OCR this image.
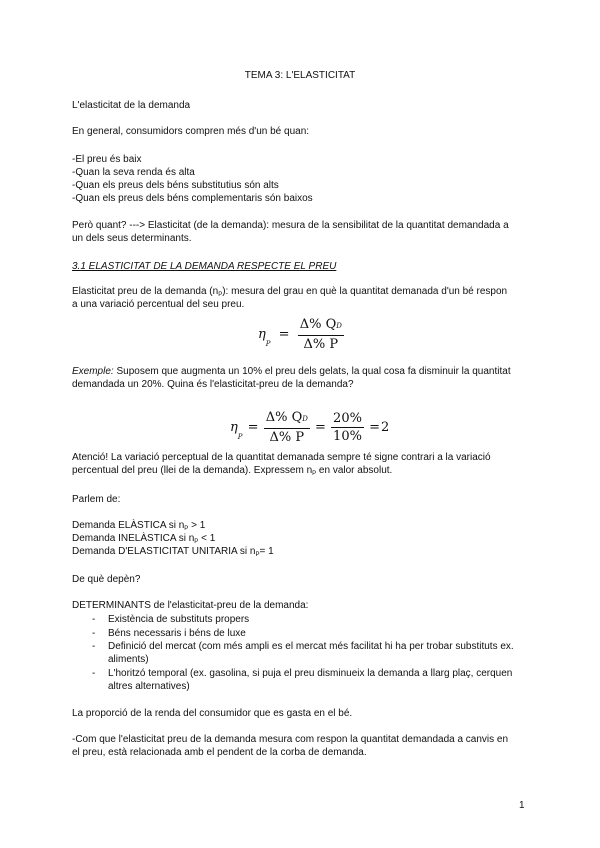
TEMA 3: L'ELASTICITAT
L'elasticitat de la demanda
En general, consumidors compren més d'un bé quan:
-El preu és baix
-Quan la seva renda és alta
-Quan els preus dels béns substitutius són alts
-Quan els preus dels béns complementaris són baixos
Però quant? ---> Elasticitat (de la demanda): mesura de la sensibilitat de la quantitat demandada a
un dels seus determinants.
3.1 ELASTICITAT DE LA DEMANDA RESPECTE EL PREU
Elasticitat preu de la demanda $(n_P)$: mesura del grau en què la quantitat demanada d'un bé respon
a una variació percentual del seu preu.
$\eta_P = \frac{\Delta\% QD}{\Delta\% P}$
Exemple: Suposem que augmenta un 10% el preu dels gelats, la qual cosa fa disminuir la quantitat
demandada un 20%. Quina és l'elasticitat-preu de la demanda?
$\eta_P = \frac{\Delta\% QD}{\Delta\% P} = \frac{20\%}{10\%} =2$
Atenció! La variació perceptual de la quantitat demanada sempre té signe contrari a la variació
percentual del preu (llei de la demanda). Expressem $n_P$ en valor absolut.
Parlem de:
Demanda ELÀSTICA si $n_P > 1$
Demanda INELÀSTICA si $n_P < 1$
Demanda D'ELASTICITAT UNITARIA si $n_P= 1$
De què depèn?
DETERMINANTS de l'elasticitat-preu de la demanda:
- Existència de substituts propers
- Béns necessaris i béns de luxe
- Definició del mercat (com més ampli es el mercat més facilitat hi ha per trobar substituts ex. aliments)
- L'horitzó temporal (ex. gasolina, si puja el preu disminueix la demanda a llarg plaç, cerquen altres alternatives)
La proporció de la renda del consumidor que es gasta en el bé.
-Com que l'elasticitat preu de la demanda mesura com respon la quantitat demandada a canvis en
el preu, està relacionada amb el pendent de la corba de demanda.
1
